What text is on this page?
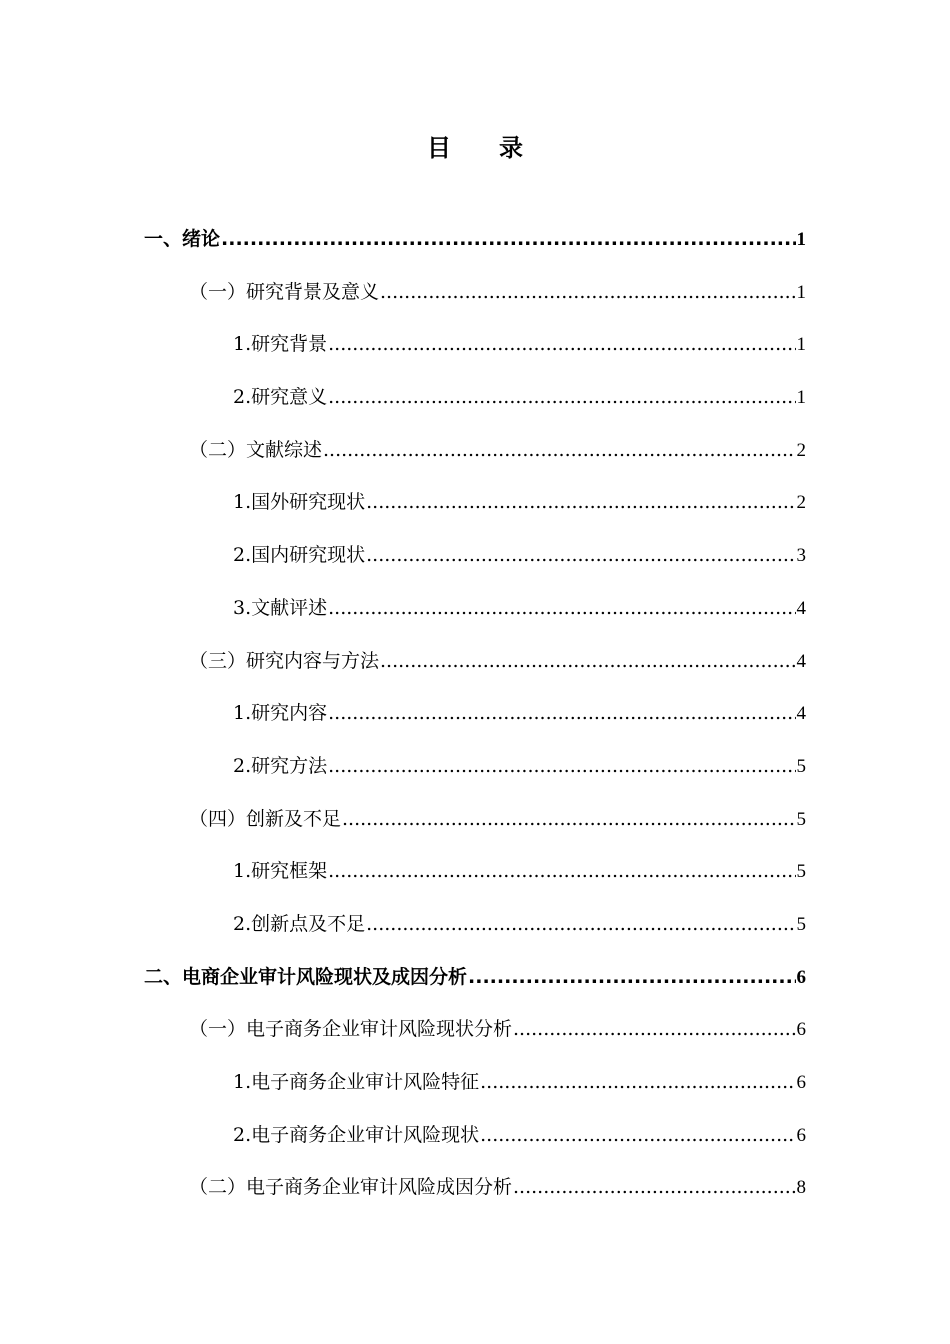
目录
一、绪论 .....	1
（一）研究背景及意义 .....	1
1.研究背景 .....	1
2.研究意义 .....	1
（二）文献综述 .....	2
1.国外研究现状 .....	2
2.国内研究现状 .....	3
3.文献评述 .....	4
（三）研究内容与方法 .....	4
1.研究内容 .....	4
2.研究方法 .....	5
（四）创新及不足 .....	5
1.研究框架 .....	5
2.创新点及不足 .....	5
二、电商企业审计风险现状及成因分析 .....	6
（一）电子商务企业审计风险现状分析 .....	6
1.电子商务企业审计风险特征 .....	6
2.电子商务企业审计风险现状 .....	6
（二）电子商务企业审计风险成因分析 .....	8
